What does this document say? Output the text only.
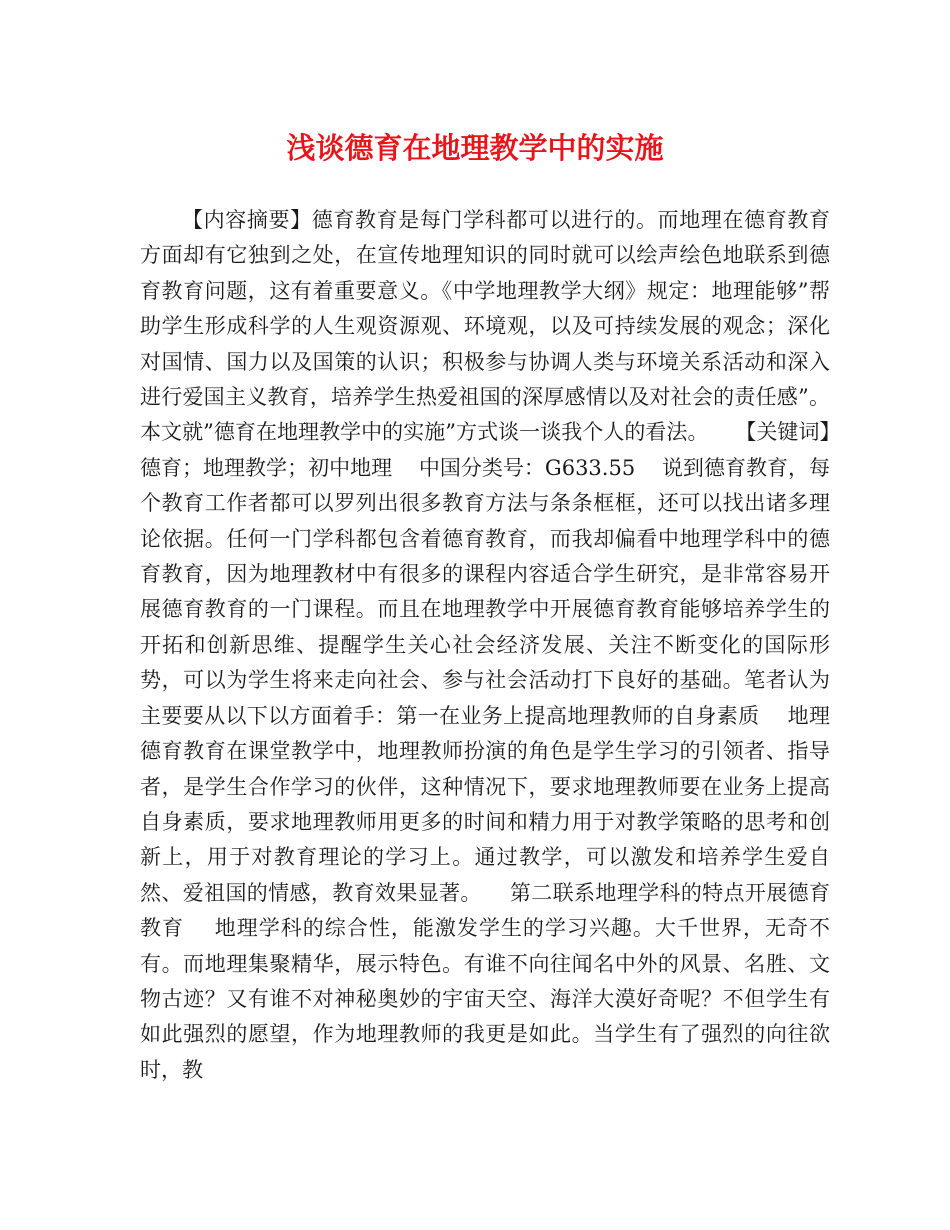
浅谈德育在地理教学中的实施

【内容摘要】德育教育是每门学科都可以进行的。而地理在德育教育方面却有它独到之处，在宣传地理知识的同时就可以绘声绘色地联系到德育教育问题，这有着重要意义。《中学地理教学大纲》规定：地理能够”帮助学生形成科学的人生观资源观、环境观，以及可持续发展的观念；深化对国情、国力以及国策的认识；积极参与协调人类与环境关系活动和深入进行爱国主义教育，培养学生热爱祖国的深厚感情以及对社会的责任感”。本文就”德育在地理教学中的实施”方式谈一谈我个人的看法。    【关键词】德育；地理教学；初中地理    中国分类号：G633.55    说到德育教育，每个教育工作者都可以罗列出很多教育方法与条条框框，还可以找出诸多理论依据。任何一门学科都包含着德育教育，而我却偏看中地理学科中的德育教育，因为地理教材中有很多的课程内容适合学生研究，是非常容易开展德育教育的一门课程。而且在地理教学中开展德育教育能够培养学生的开拓和创新思维、提醒学生关心社会经济发展、关注不断变化的国际形势，可以为学生将来走向社会、参与社会活动打下良好的基础。笔者认为主要要从以下以方面着手：第一在业务上提高地理教师的自身素质    地理德育教育在课堂教学中，地理教师扮演的角色是学生学习的引领者、指导者，是学生合作学习的伙伴，这种情况下，要求地理教师要在业务上提高自身素质，要求地理教师用更多的时间和精力用于对教学策略的思考和创新上，用于对教育理论的学习上。通过教学，可以激发和培养学生爱自然、爱祖国的情感，教育效果显著。    第二联系地理学科的特点开展德育教育    地理学科的综合性，能激发学生的学习兴趣。大千世界，无奇不有。而地理集聚精华，展示特色。有谁不向往闻名中外的风景、名胜、文物古迹？又有谁不对神秘奥妙的宇宙天空、海洋大漠好奇呢？不但学生有如此强烈的愿望，作为地理教师的我更是如此。当学生有了强烈的向往欲时，教
